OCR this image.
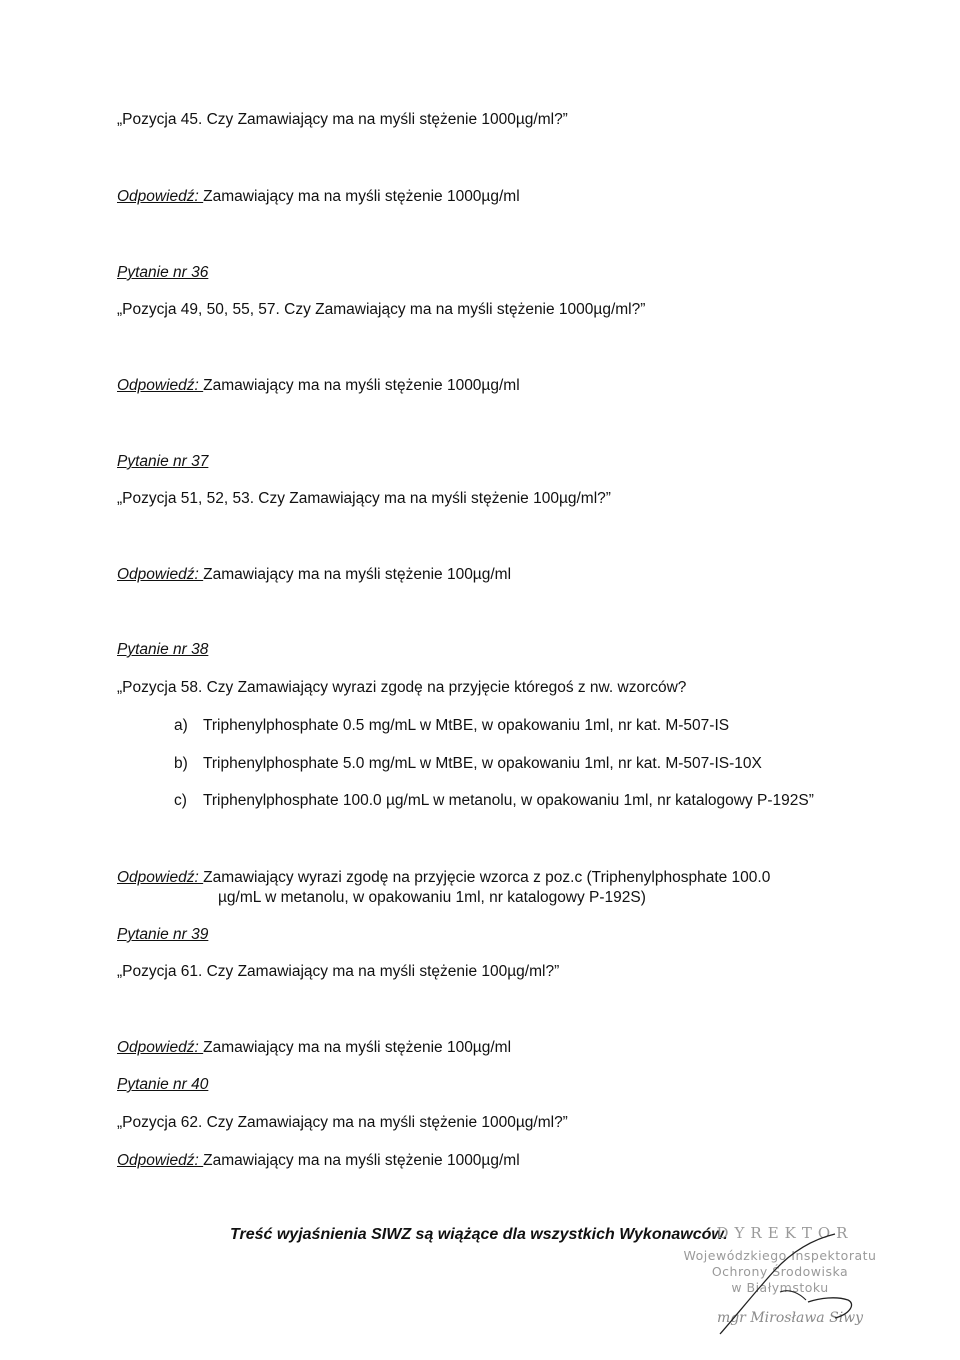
„Pozycja 45. Czy Zamawiający ma na myśli stężenie 1000µg/ml?”
Odpowiedź: Zamawiający ma na myśli stężenie 1000µg/ml
Pytanie nr 36
„Pozycja 49, 50, 55, 57. Czy Zamawiający ma na myśli stężenie 1000µg/ml?”
Odpowiedź: Zamawiający ma na myśli stężenie 1000µg/ml
Pytanie nr 37
„Pozycja 51, 52, 53. Czy Zamawiający ma na myśli stężenie 100µg/ml?”
Odpowiedź: Zamawiający ma na myśli stężenie 100µg/ml
Pytanie nr 38
„Pozycja 58. Czy Zamawiający wyrazi zgodę na przyjęcie któregoś z nw. wzorców?
a) Triphenylphosphate 0.5 mg/mL w MtBE, w opakowaniu 1ml, nr kat. M-507-IS
b) Triphenylphosphate 5.0 mg/mL w MtBE, w opakowaniu 1ml, nr kat. M-507-IS-10X
c) Triphenylphosphate 100.0 µg/mL w metanolu, w opakowaniu 1ml, nr katalogowy P-192S”
Odpowiedź: Zamawiający wyrazi zgodę na przyjęcie wzorca z poz.c (Triphenylphosphate 100.0
µg/mL w metanolu, w opakowaniu 1ml, nr katalogowy P-192S)
Pytanie nr 39
„Pozycja 61. Czy Zamawiający ma na myśli stężenie 100µg/ml?”
Odpowiedź: Zamawiający ma na myśli stężenie 100µg/ml
Pytanie nr 40
„Pozycja 62. Czy Zamawiający ma na myśli stężenie 1000µg/ml?”
Odpowiedź: Zamawiający ma na myśli stężenie 1000µg/ml
Treść wyjaśnienia SIWZ są wiążące dla wszystkich Wykonawców.
DYREKTOR
Wojewódzkiego Inspektoratu
Ochrony Środowiska
w Białymstoku
mgr Mirosława Siwy
